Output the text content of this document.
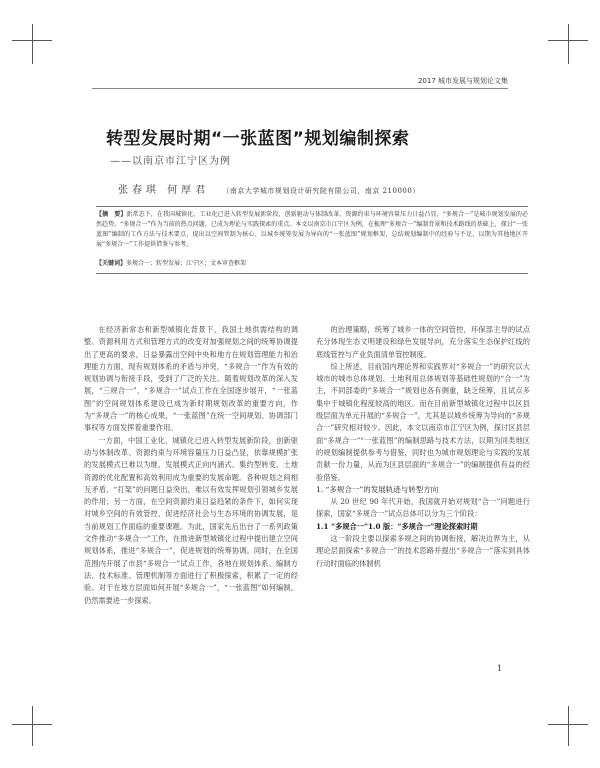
2017 城市发展与规划论文集
转型发展时期“一张蓝图”规划编制探索
——以南京市江宁区为例
张春琪 何厚君 （南京大学城市规划设计研究院有限公司，南京 210000）
【摘　要】新常态下，在我国城镇化、工业化已进入转型发展新阶段，创新驱动与体制改革、资源约束与环境容量压力日益凸显，“多规合一”是城市规划发展的必然趋势。“多规合一”作为当前的热点问题，已成为理论与实践探索的重点。本文以南京市江宁区为例，在梳理“多规合一”编制背景和技术路线的基础上，探讨“一张蓝图”编制的工作方法与技术要点，提出以空间管制为核心、以城乡统筹发展为导向的“一张蓝图”规划框架，总结规划编制中的经验与不足，以期为其他地区开展“多规合一”工作提供借鉴与参考。
【关键词】多规合一；转型发展；江宁区；文本审查框架

在经济新常态和新型城镇化背景下，我国土地供需结构的调整、资源利用方式和管理方式的改变对加强规划之间的统筹协调提出了更高的要求，日益暴露出空间中央和地方在规划管理能力和治理能力方面，现有规划体系的矛盾与冲突，“多规合一”作为有效的规划协调与衔接手段，受到了广泛的关注。随着规划改革的深入发展，“三规合一”、“多规合一”试点工作在全国逐步展开，“一张蓝图”的空间规划体系建设已成为新时期规划改革的重要方向，作为“多规合一”的核心成果，“一张蓝图”在统一空间规划、协调部门事权等方面发挥着重要作用。

一方面，中国工业化、城镇化已进入转型发展新阶段，创新驱动与体制改革、资源约束与环境容量压力日益凸显，依靠规模扩张的发展模式已难以为继，发展模式正向内涵式、集约型转变，土地资源的优化配置和高效利用成为重要的发展命题。各种规划之间相互矛盾、“打架”的问题日益突出，难以有效发挥规划引领城乡发展的作用；另一方面，在空间资源约束日益趋紧的条件下，如何实现对城乡空间的有效管控，促进经济社会与生态环境的协调发展，是当前规划工作面临的重要课题。为此，国家先后出台了一系列政策文件推动“多规合一”工作，在推进新型城镇化过程中提出建立空间规划体系，推进“多规合一”，促进规划的统筹协调。同时，在全国范围内开展了市县“多规合一”试点工作，各地在规划体系、编制方法、技术标准、管理机制等方面进行了积极探索，积累了一定的经验。对于在地方层面如何开展“多规合一”，“一张蓝图”如何编制，仍然需要进一步探索。

的治理策略，统筹了城乡一体的空间管控，环保部主导的试点充分体现生态文明建设和绿色发展导向，充分落实生态保护红线的底线管控与产业负面清单管控制度。

综上所述，目前国内理论界和实践界对“多规合一”的研究以大城市的城市总体规划、土地利用总体规划等基础性规划的“合一”为主，不同部委的“多规合一”规划也各有侧重，缺乏统筹，且试点多集中于城镇化程度较高的地区。而在目前新型城镇化过程中以区县级层面为单元开展的“多规合一”，尤其是以城乡统筹为导向的“多规合一”研究相对较少。因此，本文以南京市江宁区为例，探讨区县层面“多规合一”“一张蓝图”的编制思路与技术方法，以期为同类地区的规划编制提供参考与借鉴，同时也为城市规划理论与实践的发展贡献一份力量，从而为区县层面的“多规合一”的编制提供有益的经验借鉴。

1. “多规合一”的发展轨迹与转型方向

从 20 世纪 90 年代开始，我国就开始对规划“合一”问题进行探索，国家“多规合一”试点总体可以分为三个阶段：

1.1 “多规合一”1.0 版：“多规合一”理论探索时期

这一阶段主要以探索多规之间的协调衔接，解决边界为主，从理论层面探索“多规合一”的技术思路并提出“多规合一”落实到具体行动时面临的体制机

1
